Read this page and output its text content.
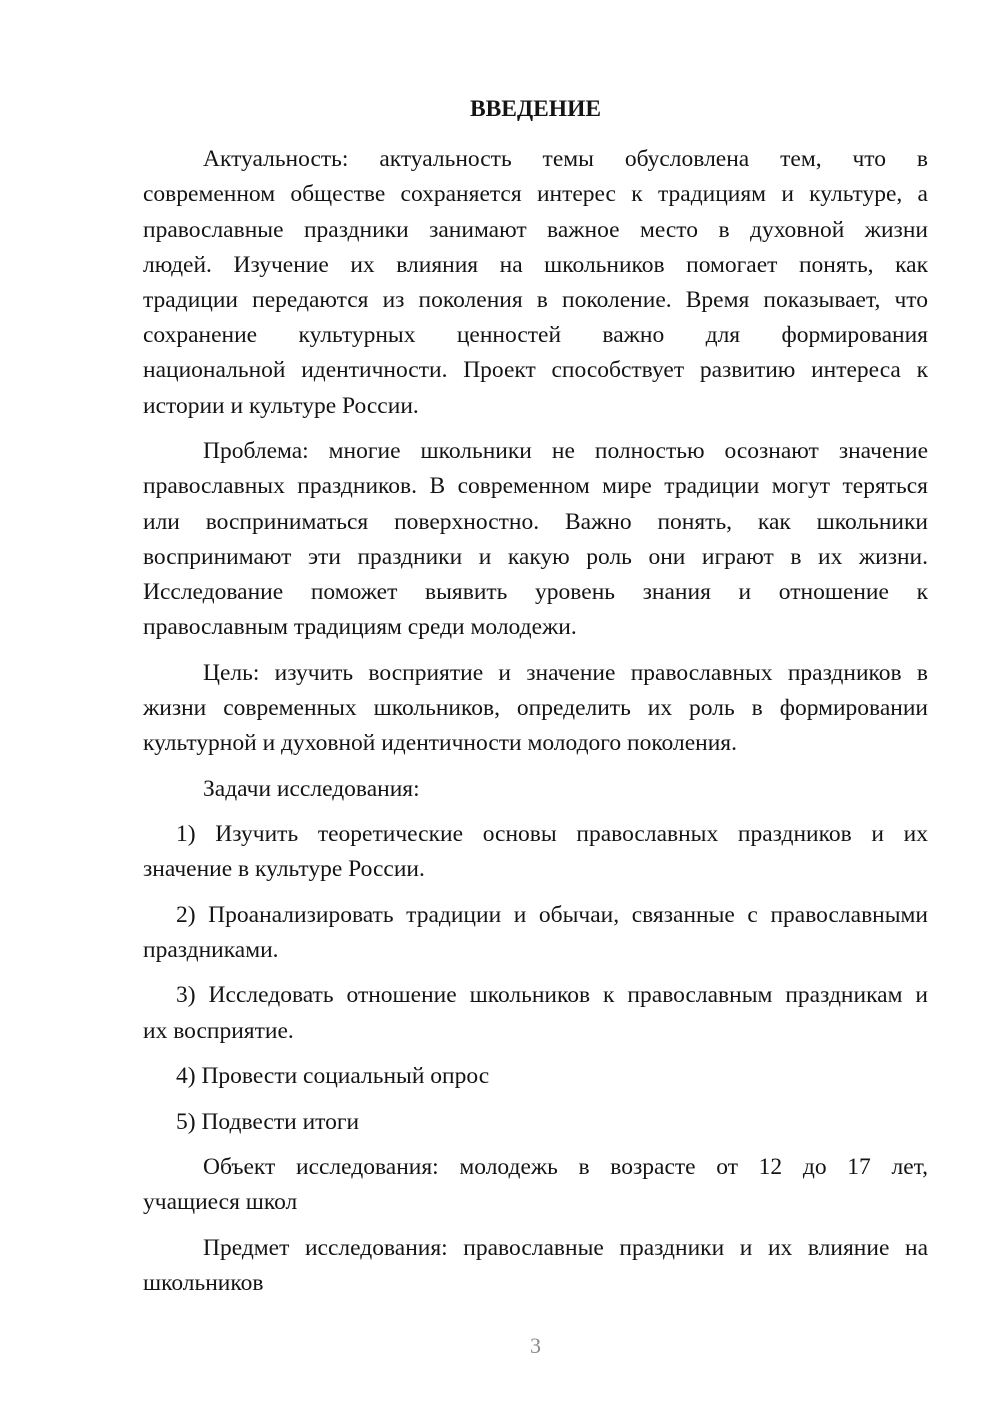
ВВЕДЕНИЕ
Актуальность: актуальность темы обусловлена тем, что в
современном обществе сохраняется интерес к традициям и культуре, а
православные праздники занимают важное место в духовной жизни
людей. Изучение их влияния на школьников помогает понять, как
традиции передаются из поколения в поколение. Время показывает, что
сохранение культурных ценностей важно для формирования
национальной идентичности. Проект способствует развитию интереса к
истории и культуре России.
Проблема: многие школьники не полностью осознают значение
православных праздников. В современном мире традиции могут теряться
или восприниматься поверхностно. Важно понять, как школьники
воспринимают эти праздники и какую роль они играют в их жизни.
Исследование поможет выявить уровень знания и отношение к
православным традициям среди молодежи.
Цель: изучить восприятие и значение православных праздников в
жизни современных школьников, определить их роль в формировании
культурной и духовной идентичности молодого поколения.
Задачи исследования:
1) Изучить теоретические основы православных праздников и их
значение в культуре России.
2) Проанализировать традиции и обычаи, связанные с православными
праздниками.
3) Исследовать отношение школьников к православным праздникам и
их восприятие.
4) Провести социальный опрос
5) Подвести итоги
Объект исследования: молодежь в возрасте от 12 до 17 лет,
учащиеся школ
Предмет исследования: православные праздники и их влияние на
школьников
3
